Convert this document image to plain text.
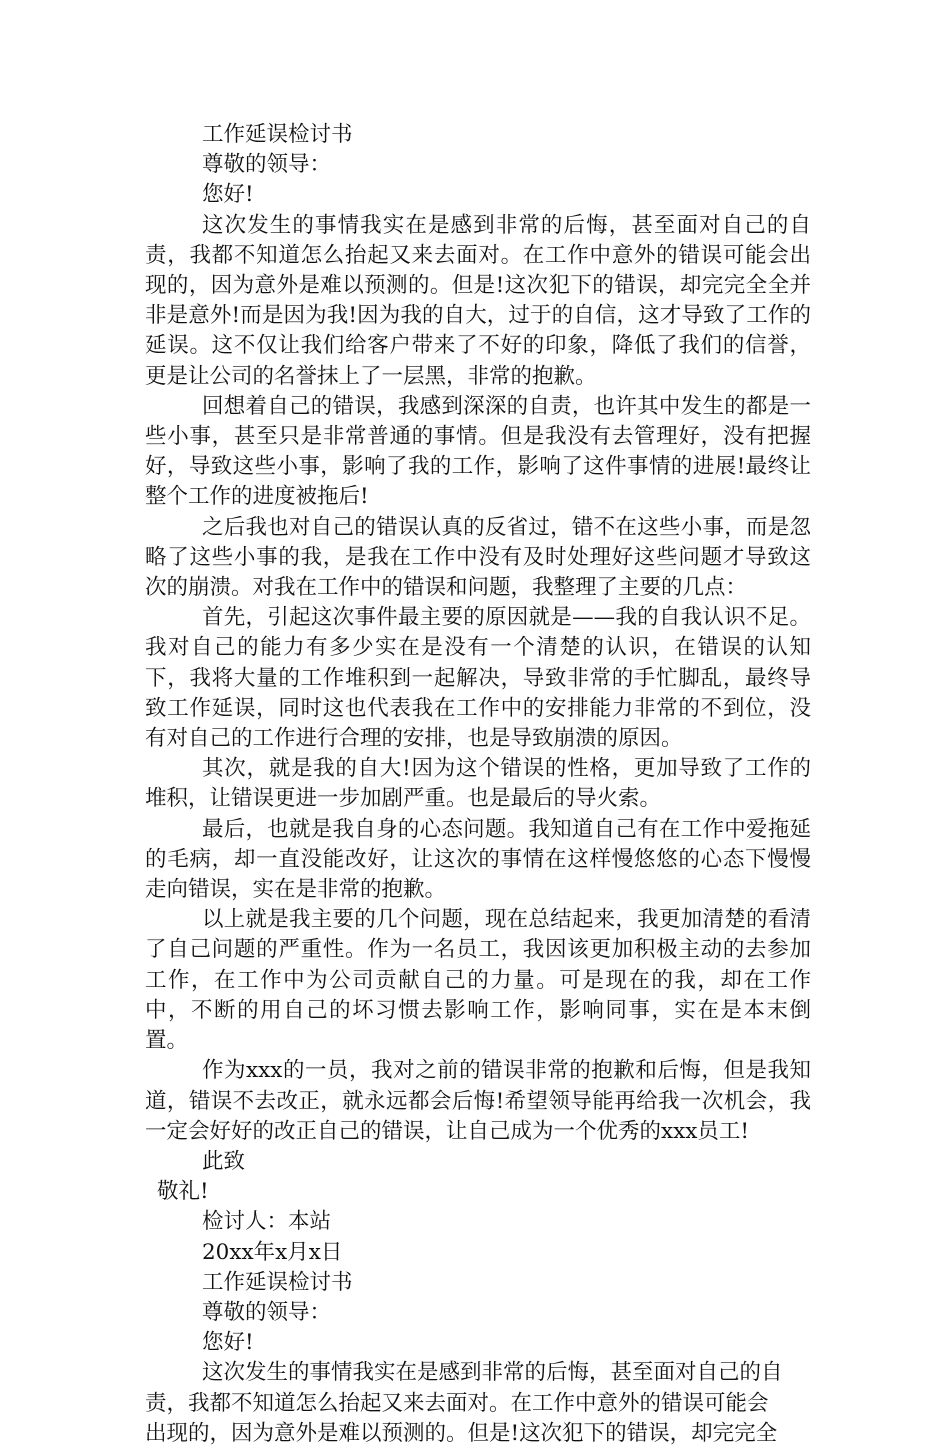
工作延误检讨书
尊敬的领导：
您好!

这次发生的事情我实在是感到非常的后悔，甚至面对自己的自责，我都不知道怎么抬起又来去面对。在工作中意外的错误可能会出现的，因为意外是难以预测的。但是!这次犯下的错误，却完完全全并非是意外!而是因为我!因为我的自大，过于的自信，这才导致了工作的延误。这不仅让我们给客户带来了不好的印象，降低了我们的信誉，更是让公司的名誉抹上了一层黑，非常的抱歉。

回想着自己的错误，我感到深深的自责，也许其中发生的都是一些小事，甚至只是非常普通的事情。但是我没有去管理好，没有把握好，导致这些小事，影响了我的工作，影响了这件事情的进展!最终让整个工作的进度被拖后!

之后我也对自己的错误认真的反省过，错不在这些小事，而是忽略了这些小事的我，是我在工作中没有及时处理好这些问题才导致这次的崩溃。对我在工作中的错误和问题，我整理了主要的几点：

首先，引起这次事件最主要的原因就是——我的自我认识不足。我对自己的能力有多少实在是没有一个清楚的认识，在错误的认知下，我将大量的工作堆积到一起解决，导致非常的手忙脚乱，最终导致工作延误，同时这也代表我在工作中的安排能力非常的不到位，没有对自己的工作进行合理的安排，也是导致崩溃的原因。

其次，就是我的自大!因为这个错误的性格，更加导致了工作的堆积，让错误更进一步加剧严重。也是最后的导火索。

最后，也就是我自身的心态问题。我知道自己有在工作中爱拖延的毛病，却一直没能改好，让这次的事情在这样慢悠悠的心态下慢慢走向错误，实在是非常的抱歉。

以上就是我主要的几个问题，现在总结起来，我更加清楚的看清了自己问题的严重性。作为一名员工，我因该更加积极主动的去参加工作，在工作中为公司贡献自己的力量。可是现在的我，却在工作中，不断的用自己的坏习惯去影响工作，影响同事，实在是本末倒置。

作为xxx的一员，我对之前的错误非常的抱歉和后悔，但是我知道，错误不去改正，就永远都会后悔!希望领导能再给我一次机会，我一定会好好的改正自己的错误，让自己成为一个优秀的xxx员工!

此致
敬礼!
检讨人：本站
20xx年x月x日
工作延误检讨书
尊敬的领导：
您好!
这次发生的事情我实在是感到非常的后悔，甚至面对自己的自
责，我都不知道怎么抬起又来去面对。在工作中意外的错误可能会
出现的，因为意外是难以预测的。但是!这次犯下的错误，却完完全
